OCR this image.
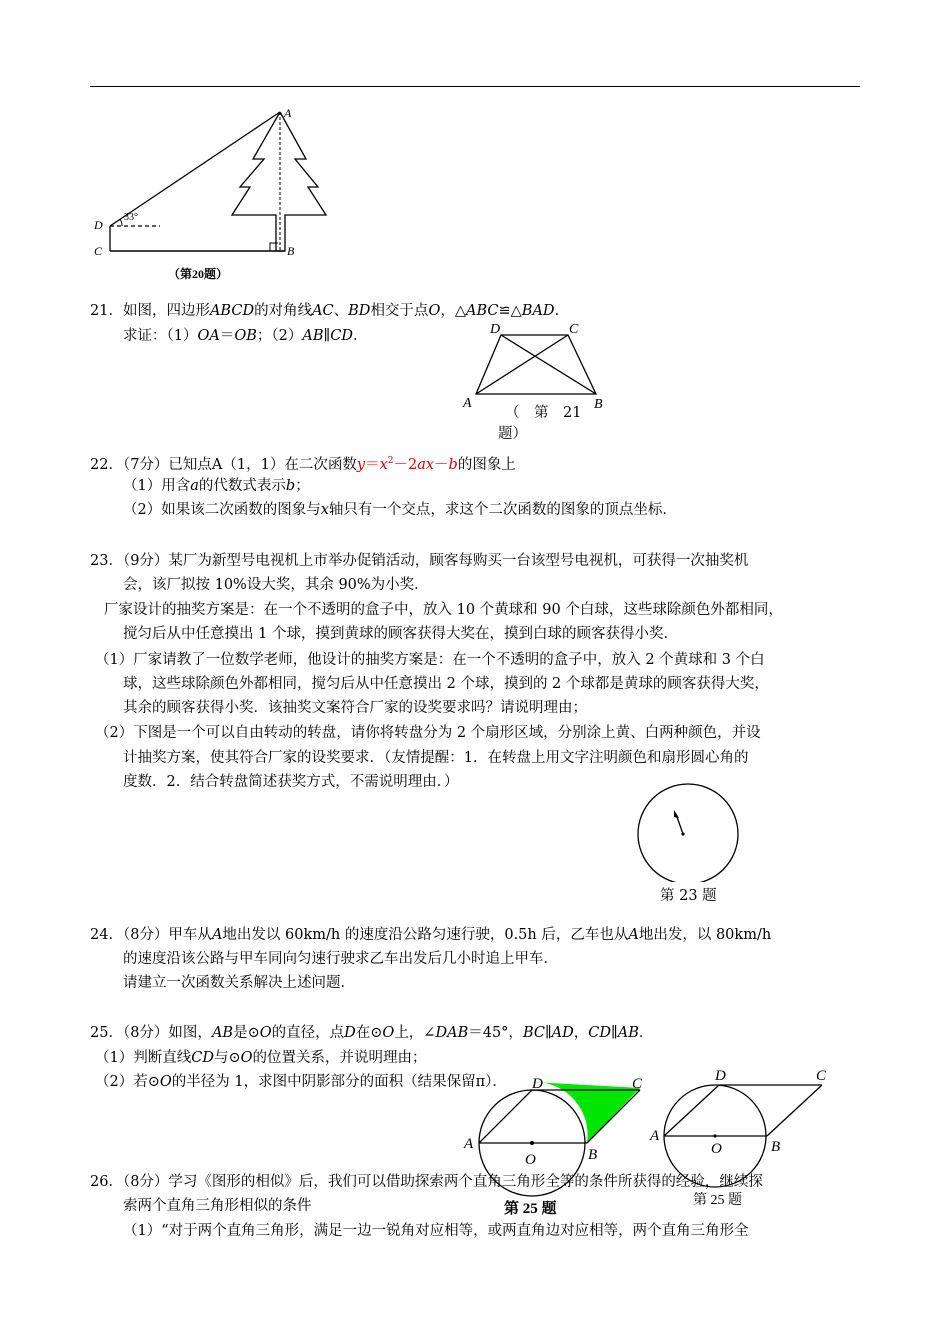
A
D
C	B
33°
（第20题）
21．如图，四边形ABCD的对角线AC、BD相交于点O，△ABC≌△BAD．
求证：（1）OA＝OB；（2）AB∥CD．	D	C
A	B
（　第　21
题）
22．（7分）已知点A（1，1）在二次函数$y=x^2-2ax-b$的图象上
（1）用含a的代数式表示b；
（2）如果该二次函数的图象与x轴只有一个交点，求这个二次函数的图象的顶点坐标．
23．（9分）某厂为新型号电视机上市举办促销活动，顾客每购买一台该型号电视机，可获得一次抽奖机
会，该厂拟按 10%设大奖，其余 90%为小奖．
厂家设计的抽奖方案是：在一个不透明的盒子中，放入 10 个黄球和 90 个白球，这些球除颜色外都相同，
搅匀后从中任意摸出 1 个球，摸到黄球的顾客获得大奖在，摸到白球的顾客获得小奖．
（1）厂家请教了一位数学老师，他设计的抽奖方案是：在一个不透明的盒子中，放入 2 个黄球和 3 个白
球，这些球除颜色外都相同，搅匀后从中任意摸出 2 个球，摸到的 2 个球都是黄球的顾客获得大奖，
其余的顾客获得小奖．该抽奖文案符合厂家的设奖要求吗？请说明理由；
（2）下图是一个可以自由转动的转盘，请你将转盘分为 2 个扇形区域，分别涂上黄、白两种颜色，并设
计抽奖方案，使其符合厂家的设奖要求．（友情提醒：1．在转盘上用文字注明颜色和扇形圆心角的
度数．2．结合转盘简述获奖方式，不需说明理由．）
第 23 题
24．（8分）甲车从A地出发以 60km/h 的速度沿公路匀速行驶，0.5h 后，乙车也从A地出发，以 80km/h
的速度沿该公路与甲车同向匀速行驶求乙车出发后几小时追上甲车．
请建立一次函数关系解决上述问题．
25．（8分）如图，AB是⊙O的直径，点D在⊙O上，∠DAB＝45°，BC∥AD，CD∥AB．
（1）判断直线CD与⊙O的位置关系，并说明理由；
（2）若⊙O的半径为 1，求图中阴影部分的面积（结果保留π）．
A
B
C
D
O
第 25 题
A
B
C
D
O
第 25 题
26．（8分）学习《图形的相似》后，我们可以借助探索两个直角三角形全等的条件所获得的经验，继续探
索两个直角三角形相似的条件
（1）“对于两个直角三角形，满足一边一锐角对应相等，或两直角边对应相等，两个直角三角形全
